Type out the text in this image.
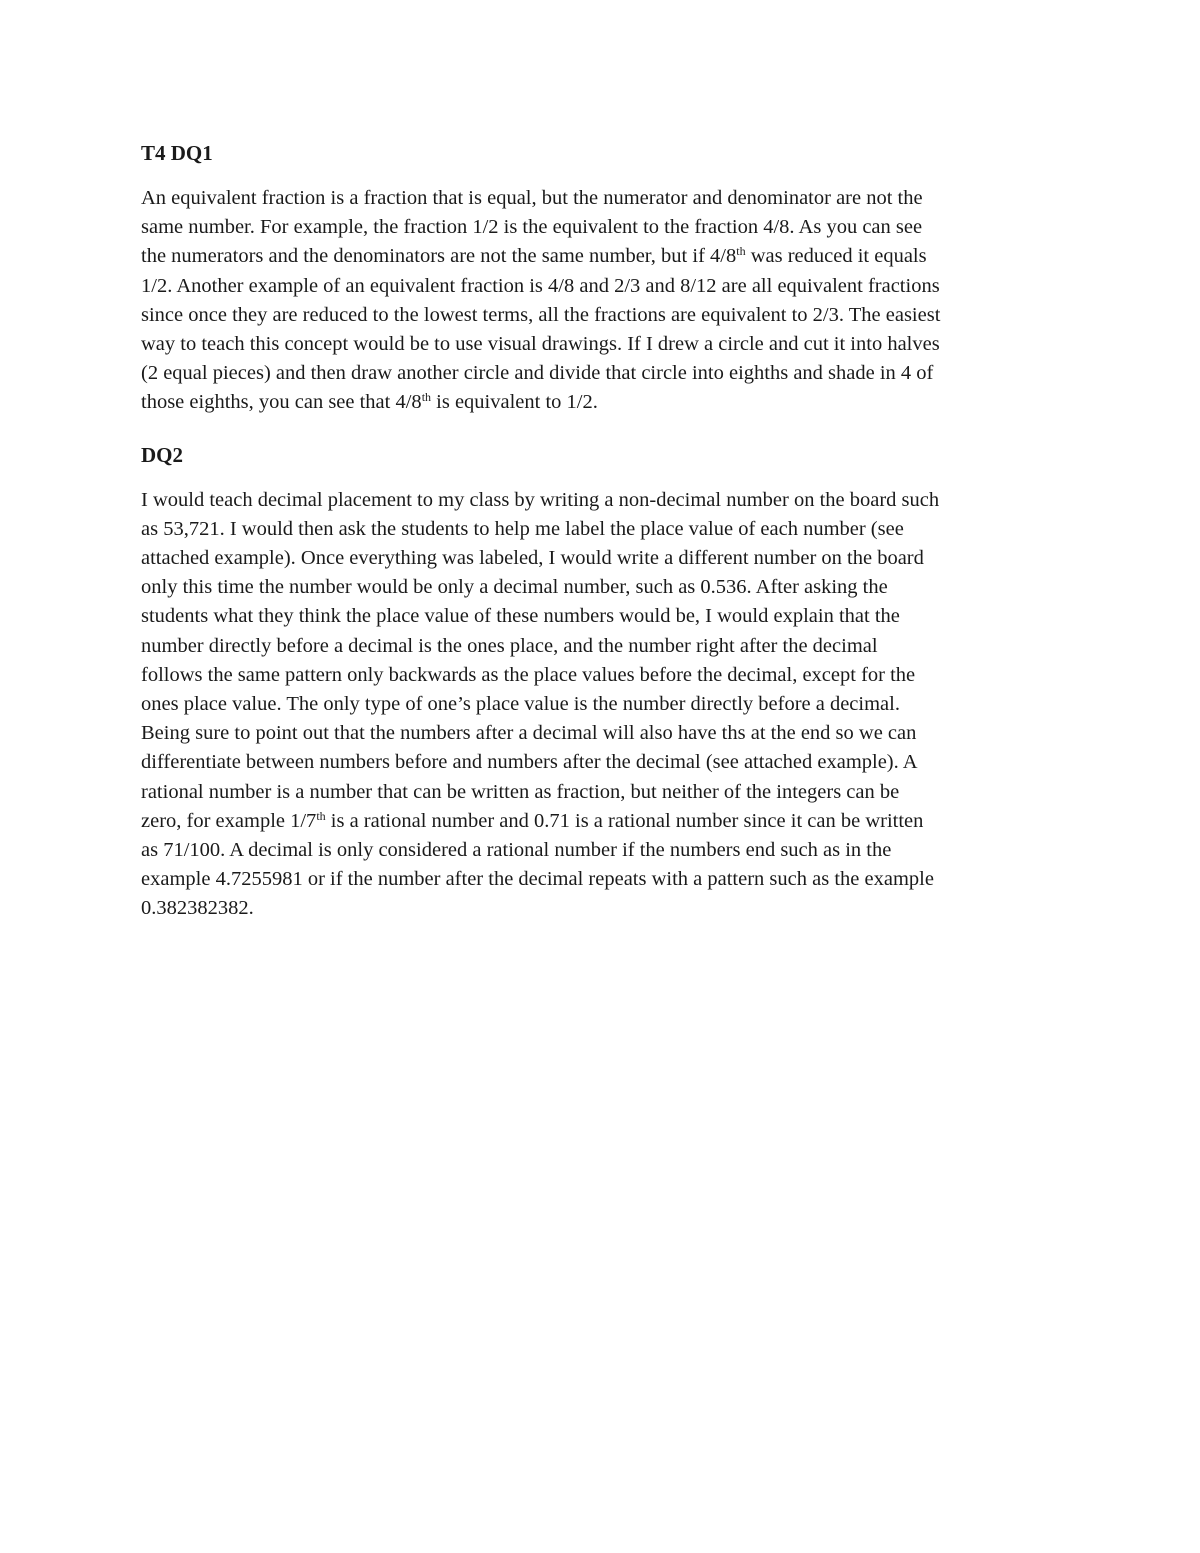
T4 DQ1

An equivalent fraction is a fraction that is equal, but the numerator and denominator are not the
same number. For example, the fraction 1/2 is the equivalent to the fraction 4/8. As you can see
the numerators and the denominators are not the same number, but if 4/8th was reduced it equals
1/2. Another example of an equivalent fraction is 4/8 and 2/3 and 8/12 are all equivalent fractions
since once they are reduced to the lowest terms, all the fractions are equivalent to 2/3. The easiest
way to teach this concept would be to use visual drawings. If I drew a circle and cut it into halves
(2 equal pieces) and then draw another circle and divide that circle into eighths and shade in 4 of
those eighths, you can see that 4/8th is equivalent to 1/2.

DQ2

I would teach decimal placement to my class by writing a non-decimal number on the board such
as 53,721. I would then ask the students to help me label the place value of each number (see
attached example). Once everything was labeled, I would write a different number on the board
only this time the number would be only a decimal number, such as 0.536. After asking the
students what they think the place value of these numbers would be, I would explain that the
number directly before a decimal is the ones place, and the number right after the decimal
follows the same pattern only backwards as the place values before the decimal, except for the
ones place value. The only type of one’s place value is the number directly before a decimal.
Being sure to point out that the numbers after a decimal will also have ths at the end so we can
differentiate between numbers before and numbers after the decimal (see attached example). A
rational number is a number that can be written as fraction, but neither of the integers can be
zero, for example 1/7th is a rational number and 0.71 is a rational number since it can be written
as 71/100. A decimal is only considered a rational number if the numbers end such as in the
example 4.7255981 or if the number after the decimal repeats with a pattern such as the example
0.382382382.
